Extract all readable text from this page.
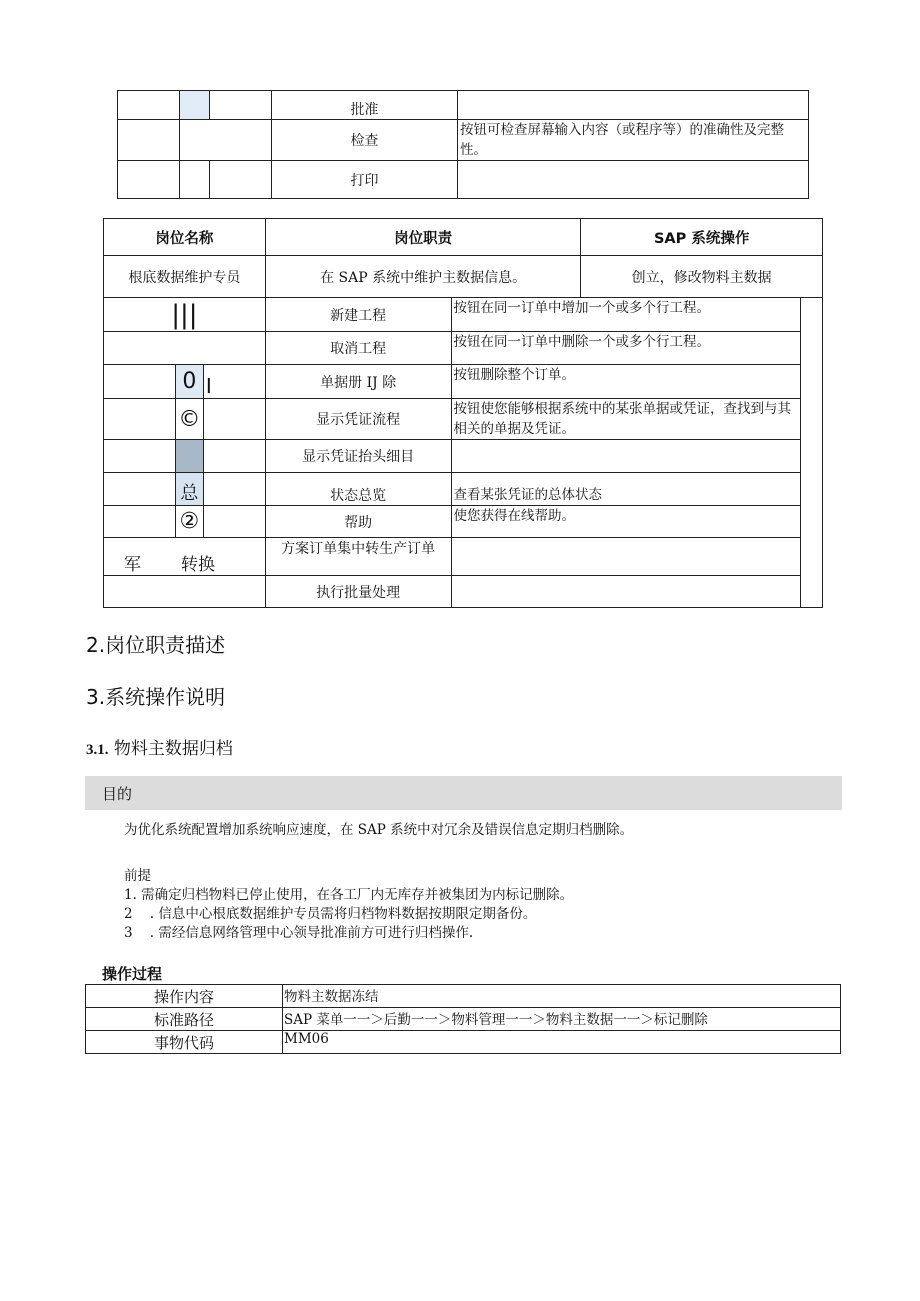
			批准	
			检查	按钮可检查屏幕输入内容（或程序等）的准确性及完整性。
			打印	
岗位名称			岗位职责		SAP 系统操作	
根底数据维护专员			在 SAP 系统中维护主数据信息。		创立，修改物料主数据	
|||			新建工程	按钮在同一订单中增加一个或多个行工程。		
			取消工程	按钮在同一订单中删除一个或多个行工程。		
	0	I	单据册 IJ 除	按钮删除整个订单。		
	©		显示凭证流程	按钮使您能够根据系统中的某张单据或凭证，查找到与其相关的单据及凭证。		
			显示凭证抬头细目			
	总		状态总览	查看某张凭证的总体状态		
	②		帮助	使您获得在线帮助。		
军 转换			方案订单集中转生产订单			
			执行批量处理			
2.岗位职责描述
3.系统操作说明
3.1. 物料主数据归档
目的
为优化系统配置增加系统响应速度，在 SAP 系统中对冗余及错误信息定期归档删除。
前提
1. 需确定归档物料已停止使用，在各工厂内无库存并被集团为内标记删除。
2    . 信息中心根底数据维护专员需将归档物料数据按期限定期备份。
3    . 需经信息网络管理中心领导批准前方可进行归档操作.
操作过程
操作内容	物料主数据冻结
标准路径	SAP 菜单一一＞后勤一一＞物料管理一一＞物料主数据一一＞标记删除
事物代码	MM06
